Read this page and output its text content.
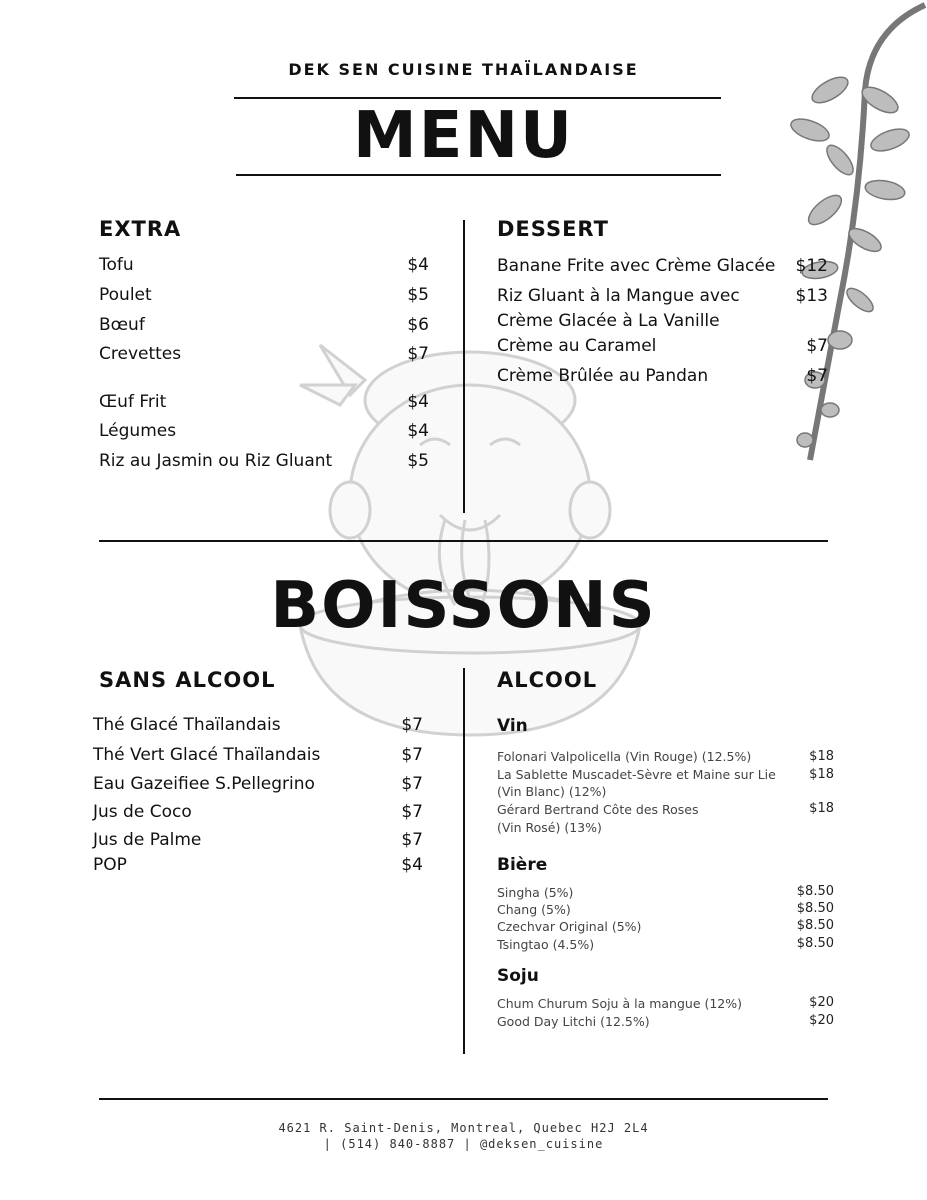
DEK SEN CUISINE THAÏLANDAISE
MENU
EXTRA
Tofu	$4
Poulet	$5
Bœuf	$6
Crevettes	$7
Œuf Frit	$4
Légumes	$4
Riz au Jasmin ou Riz Gluant	$5
DESSERT
Banane Frite avec Crème Glacée	$12
Riz Gluant à la Mangue avec	$13
Crème Glacée à La Vanille
Crème au Caramel	$7
Crème Brûlée au Pandan	$7
BOISSONS
SANS ALCOOL
Thé Glacé Thaïlandais	$7
Thé Vert Glacé Thaïlandais	$7
Eau Gazeifiee S.Pellegrino	$7
Jus de Coco	$7
Jus de Palme	$7
POP	$4
ALCOOL
Vin
Folonari Valpolicella (Vin Rouge) (12.5%)	$18
La Sablette Muscadet-Sèvre et Maine sur Lie	$18
(Vin Blanc) (12%)
Gérard Bertrand Côte des Roses	$18
(Vin Rosé) (13%)
Bière
Singha (5%)	$8.50
Chang (5%)	$8.50
Czechvar Original (5%)	$8.50
Tsingtao (4.5%)	$8.50
Soju
Chum Churum Soju à la mangue (12%)	$20
Good Day Litchi (12.5%)	$20
4621 R. Saint-Denis, Montreal, Quebec H2J 2L4
| (514) 840-8887 | @deksen_cuisine
